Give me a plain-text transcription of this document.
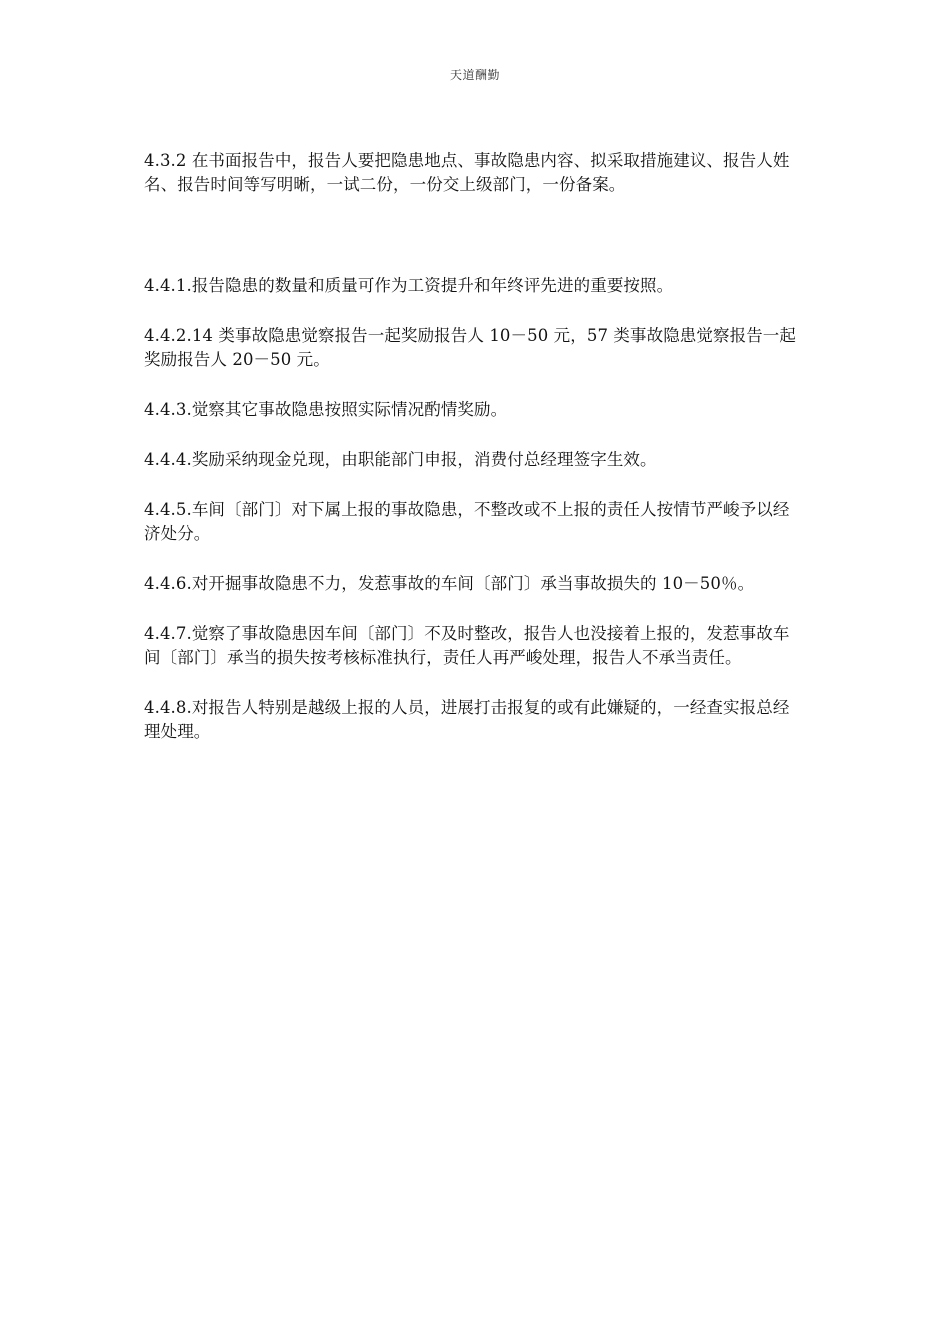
天道酬勤

4.3.2 在书面报告中，报告人要把隐患地点、事故隐患内容、拟采取措施建议、报告人姓名、报告时间等写明晰，一试二份，一份交上级部门，一份备案。

4.4.1.报告隐患的数量和质量可作为工资提升和年终评先进的重要按照。

4.4.2.14 类事故隐患觉察报告一起奖励报告人 10－50 元，57 类事故隐患觉察报告一起奖励报告人 20－50 元。

4.4.3.觉察其它事故隐患按照实际情况酌情奖励。

4.4.4.奖励采纳现金兑现，由职能部门申报，消费付总经理签字生效。

4.4.5.车间〔部门〕对下属上报的事故隐患，不整改或不上报的责任人按情节严峻予以经济处分。

4.4.6.对开掘事故隐患不力，发惹事故的车间〔部门〕承当事故损失的 10－50％。

4.4.7.觉察了事故隐患因车间〔部门〕不及时整改，报告人也没接着上报的，发惹事故车间〔部门〕承当的损失按考核标准执行，责任人再严峻处理，报告人不承当责任。

4.4.8.对报告人特别是越级上报的人员，进展打击报复的或有此嫌疑的，一经查实报总经理处理。
